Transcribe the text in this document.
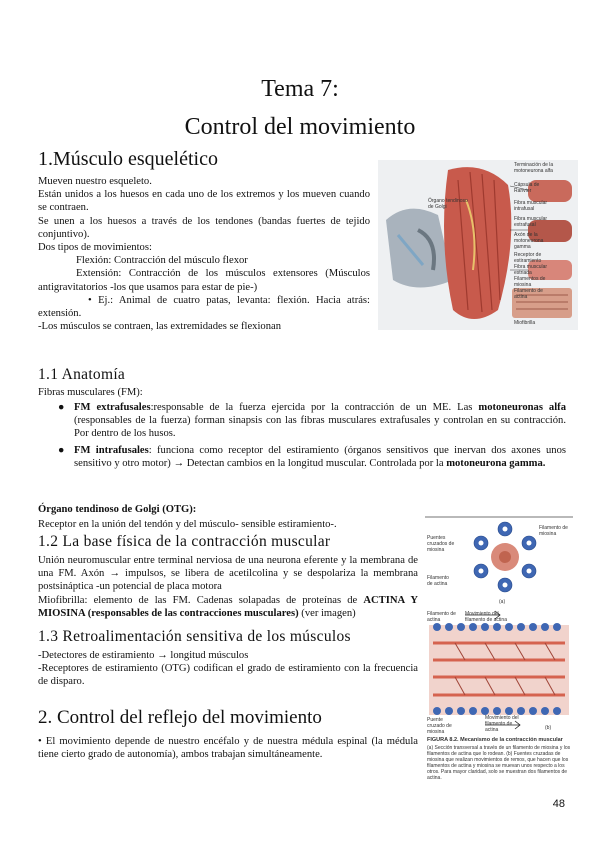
Tema 7:
Control del movimiento
1.Músculo esquelético
Mueven nuestro esqueleto.
Están unidos a los huesos en cada uno de los extremos y los mueven cuando se contraen.
Se unen a los huesos a través de los tendones (bandas fuertes de tejido conjuntivo).
Dos tipos de movimientos:
Flexión: Contracción del músculo flexor
Extensión: Contracción de los músculos extensores (Músculos antigravitatorios -los que usamos para estar de pie-)
• Ej.: Animal de cuatro patas, levanta: flexión. Hacia atrás: extensión.
-Los músculos se contraen, las extremidades se flexionan
Órgano tendinoso de Golgi
Terminación de la motoneurona alfa
Cápsula de Ranvier
Fibra muscular intrafusal
Fibra muscular extrafusal
Axón de la motoneurona gamma
Receptor de estiramiento
Fibra muscular estriada
Filamentos de miosina
Filamento de actina
Miofibrilla
1.1 Anatomía
Fibras musculares (FM):
● FM extrafusales:responsable de la fuerza ejercida por la contracción de un ME. Las motoneuronas alfa (responsables de la fuerza) forman sinapsis con las fibras musculares extrafusales y controlan en su contracción. Por dentro de los husos.
● FM intrafusales: funciona como receptor del estiramiento (órganos sensitivos que inervan dos axones unos sensitivo y otro motor) → Detectan cambios en la longitud muscular. Controlada por la motoneurona gamma.
Órgano tendinoso de Golgi (OTG):
Receptor en la unión del tendón y del músculo- sensible estiramiento-.
1.2 La base física de la contracción muscular
Unión neuromuscular entre terminal nerviosa de una neurona eferente y la membrana de una FM. Axón → impulsos, se libera de acetilcolina y se despolariza la membrana postsináptica -un potencial de placa motora
Miofibrilla: elemento de las FM. Cadenas solapadas de proteínas de ACTINA Y MIOSINA (responsables de las contracciones musculares) (ver imagen)
1.3 Retroalimentación sensitiva de los músculos
-Detectores de estiramiento → longitud músculos
-Receptores de estiramiento (OTG) codifican el grado de estiramiento con la frecuencia de disparo.
2. Control del reflejo del movimiento
• El movimiento depende de nuestro encéfalo y de nuestra médula espinal (la médula tiene cierto grado de autonomía), ambos trabajan simultáneamente.
Puentes cruzados de miosina
Filamento de miosina
Filamento de actina
(a)
Filamento de actina
Movimiento del filamento de actina
Puente cruzado de miosina
Movimiento del filamento de actina	(b)
FIGURA 8.2. Mecanismo de la contracción muscular
(a) Sección transversal a través de un filamento de miosina y los filamentos de actina que lo rodean. (b) Fuentes cruzadas de miosina que realizan movimientos de remos, que hacen que los filamentos de actina y miosina se muevan unos respecto a los otros. Para mayor claridad, solo se muestran dos filamentos de actina.
48
